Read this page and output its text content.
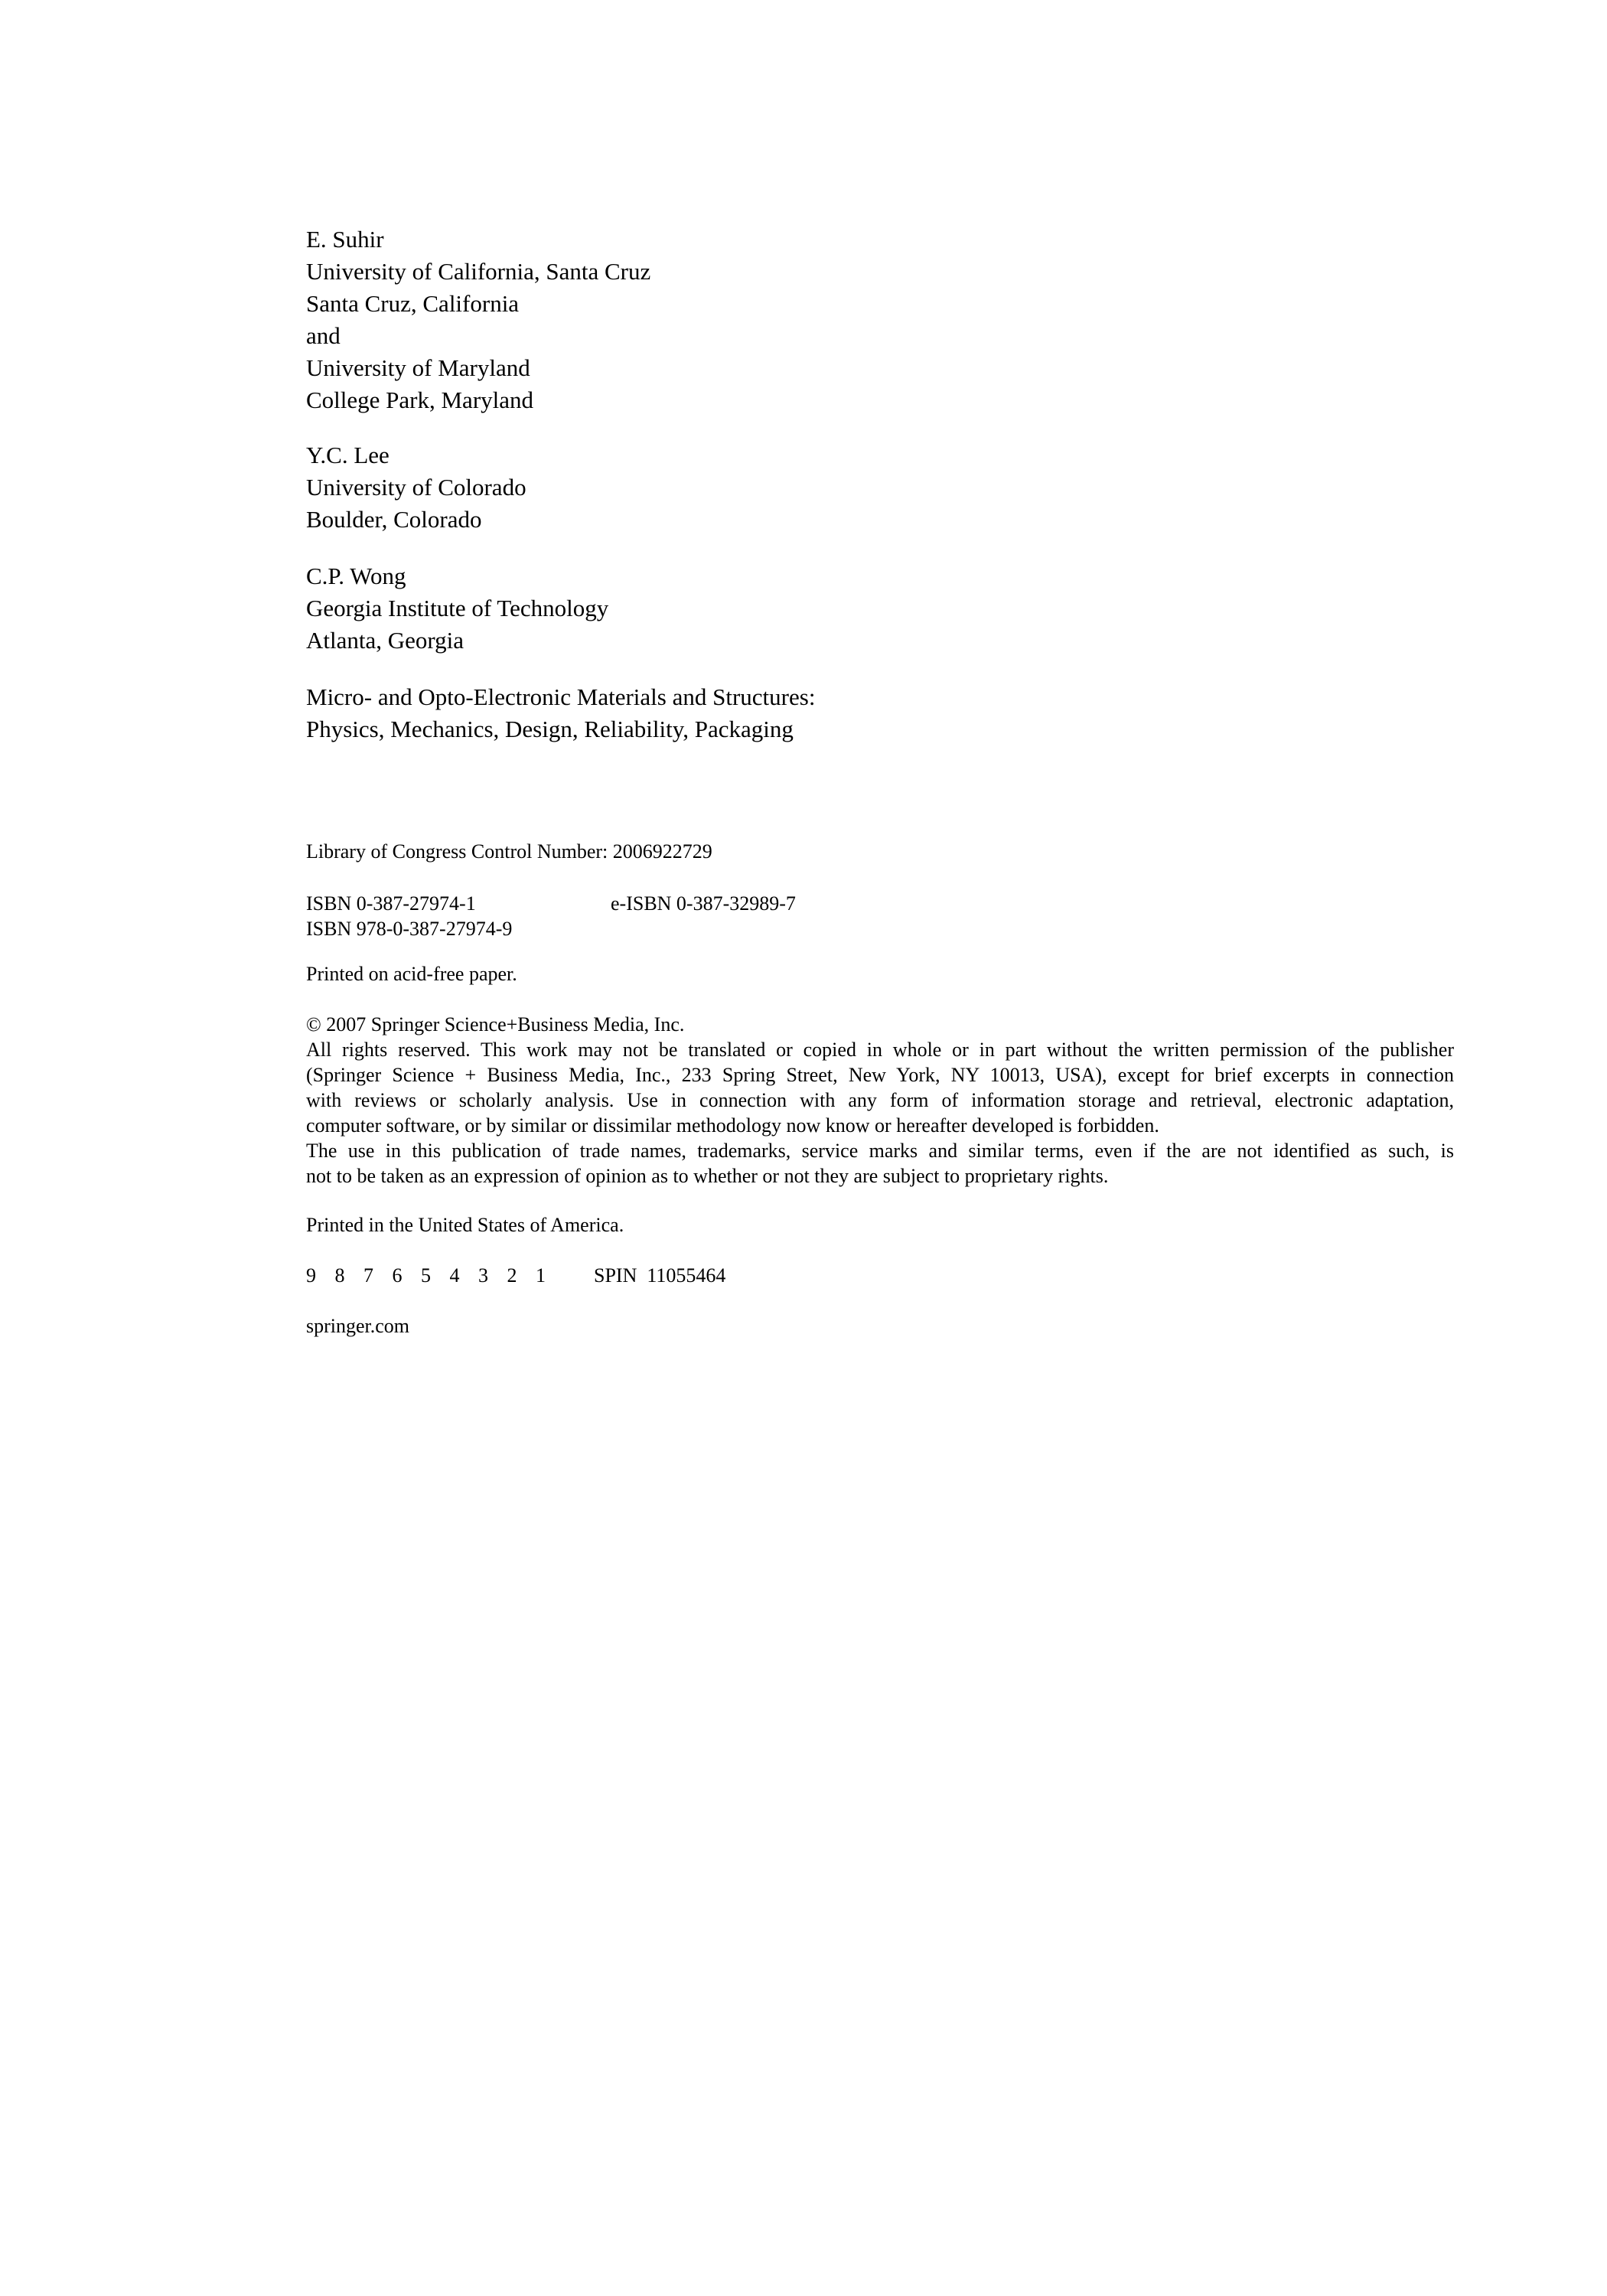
E. Suhir
University of California, Santa Cruz
Santa Cruz, California
and
University of Maryland
College Park, Maryland
Y.C. Lee
University of Colorado
Boulder, Colorado
C.P. Wong
Georgia Institute of Technology
Atlanta, Georgia
Micro- and Opto-Electronic Materials and Structures:
Physics, Mechanics, Design, Reliability, Packaging
Library of Congress Control Number: 2006922729
ISBN 0-387-27974-1	e-ISBN 0-387-32989-7
ISBN 978-0-387-27974-9
Printed on acid-free paper.
© 2007 Springer Science+Business Media, Inc.
All rights reserved. This work may not be translated or copied in whole or in part without the written permission of the publisher
(Springer Science + Business Media, Inc., 233 Spring Street, New York, NY 10013, USA), except for brief excerpts in connection
with reviews or scholarly analysis. Use in connection with any form of information storage and retrieval, electronic adaptation,
computer software, or by similar or dissimilar methodology now know or hereafter developed is forbidden.
The use in this publication of trade names, trademarks, service marks and similar terms, even if the are not identified as such, is
not to be taken as an expression of opinion as to whether or not they are subject to proprietary rights.
Printed in the United States of America.
9 8 7 6 5 4 3 2 1 SPIN  11055464
springer.com
